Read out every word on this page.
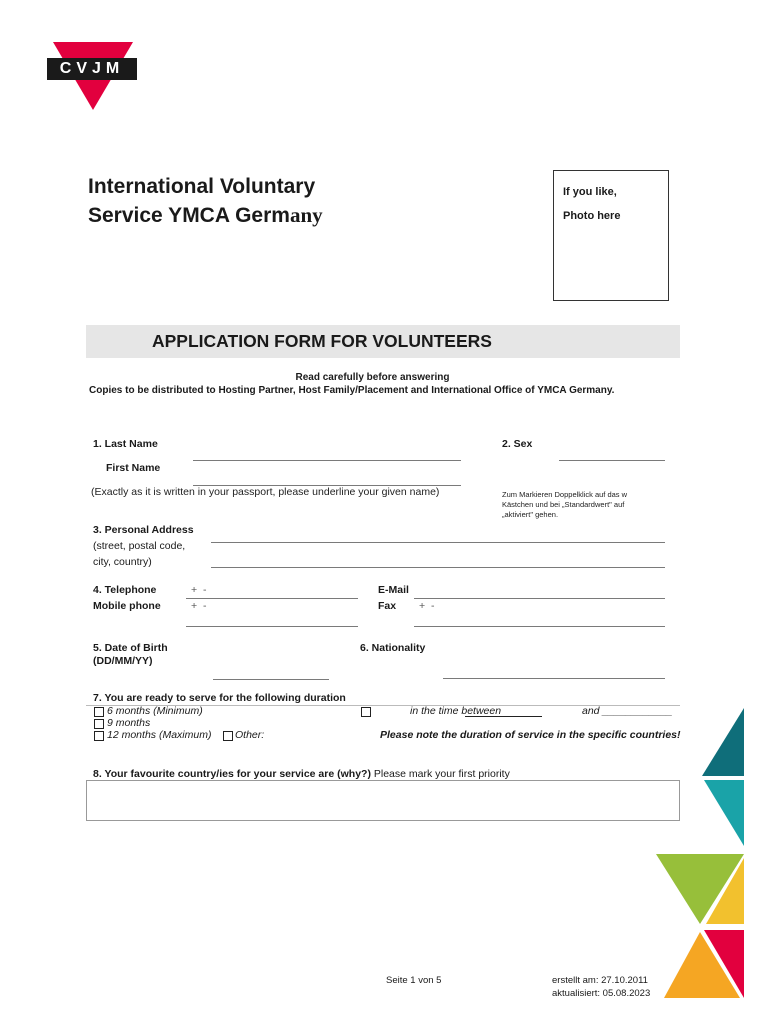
CVJM
International Voluntary
Service YMCA Germany
If you like,
Photo here
APPLICATION FORM FOR VOLUNTEERS
Read carefully before answering
Copies to be distributed to Hosting Partner, Host Family/Placement and International Office of YMCA Germany.
1. Last Name	2. Sex
First Name
(Exactly as it is written in your passport, please underline your given name)	Zum Markieren Doppelklick auf das w
Kästchen und bei „Standardwert" auf
„aktiviert" gehen.
3. Personal Address
(street, postal code,
city, country)
4. Telephone	+  -
Mobile phone	+  -
E-Mail
Fax +  -
5. Date of Birth
(DD/MM/YY)
6. Nationality
7. You are ready to serve for the following duration
6 months (Minimum)
9 months
12 months (Maximum) Other:
in the time between	and ____________
Please note the duration of service in the specific countries!
8. Your favourite country/ies for your service are (why?) Please mark your first priority
Seite 1 von 5	erstellt am: 27.10.2011
aktualisiert: 05.08.2023
